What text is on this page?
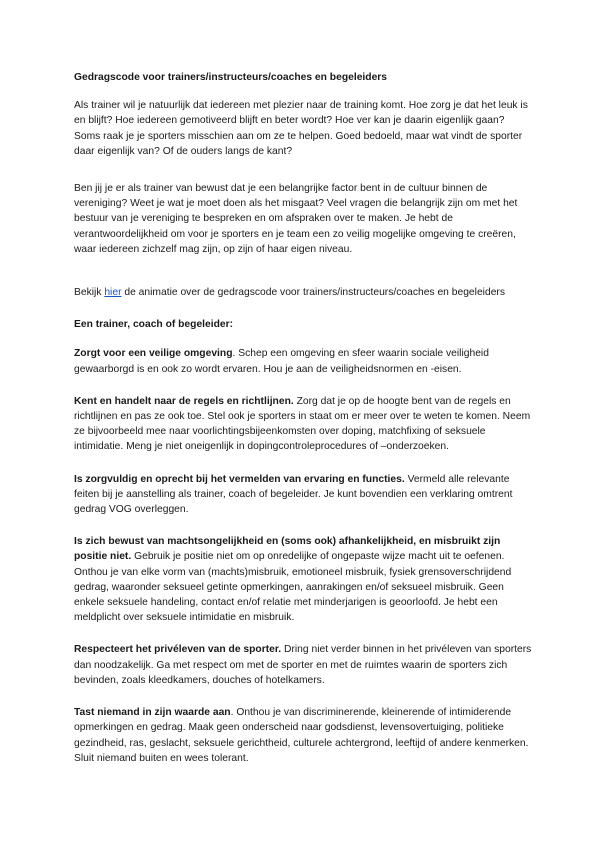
Gedragscode voor trainers/instructeurs/coaches en begeleiders

Als trainer wil je natuurlijk dat iedereen met plezier naar de training komt. Hoe zorg je dat het leuk is en blijft? Hoe iedereen gemotiveerd blijft en beter wordt? Hoe ver kan je daarin eigenlijk gaan? Soms raak je je sporters misschien aan om ze te helpen. Goed bedoeld, maar wat vindt de sporter daar eigenlijk van? Of de ouders langs de kant?

Ben jij je er als trainer van bewust dat je een belangrijke factor bent in de cultuur binnen de vereniging? Weet je wat je moet doen als het misgaat? Veel vragen die belangrijk zijn om met het bestuur van je vereniging te bespreken en om afspraken over te maken. Je hebt de verantwoordelijkheid om voor je sporters en je team een zo veilig mogelijke omgeving te creëren, waar iedereen zichzelf mag zijn, op zijn of haar eigen niveau.

Bekijk hier de animatie over de gedragscode voor trainers/instructeurs/coaches en begeleiders

Een trainer, coach of begeleider:

Zorgt voor een veilige omgeving. Schep een omgeving en sfeer waarin sociale veiligheid gewaarborgd is en ook zo wordt ervaren. Hou je aan de veiligheidsnormen en -eisen.

Kent en handelt naar de regels en richtlijnen. Zorg dat je op de hoogte bent van de regels en richtlijnen en pas ze ook toe. Stel ook je sporters in staat om er meer over te weten te komen. Neem ze bijvoorbeeld mee naar voorlichtingsbijeenkomsten over doping, matchfixing of seksuele intimidatie. Meng je niet oneigenlijk in dopingcontroleprocedures of –onderzoeken.

Is zorgvuldig en oprecht bij het vermelden van ervaring en functies. Vermeld alle relevante feiten bij je aanstelling als trainer, coach of begeleider. Je kunt bovendien een verklaring omtrent gedrag VOG overleggen.

Is zich bewust van machtsongelijkheid en (soms ook) afhankelijkheid, en misbruikt zijn positie niet. Gebruik je positie niet om op onredelijke of ongepaste wijze macht uit te oefenen. Onthou je van elke vorm van (machts)misbruik, emotioneel misbruik, fysiek grensoverschrijdend gedrag, waaronder seksueel getinte opmerkingen, aanrakingen en/of seksueel misbruik. Geen enkele seksuele handeling, contact en/of relatie met minderjarigen is geoorloofd. Je hebt een meldplicht over seksuele intimidatie en misbruik.

Respecteert het privéleven van de sporter. Dring niet verder binnen in het privéleven van sporters dan noodzakelijk. Ga met respect om met de sporter en met de ruimtes waarin de sporters zich bevinden, zoals kleedkamers, douches of hotelkamers.

Tast niemand in zijn waarde aan. Onthou je van discriminerende, kleinerende of intimiderende opmerkingen en gedrag. Maak geen onderscheid naar godsdienst, levensovertuiging, politieke gezindheid, ras, geslacht, seksuele gerichtheid, culturele achtergrond, leeftijd of andere kenmerken. Sluit niemand buiten en wees tolerant.
